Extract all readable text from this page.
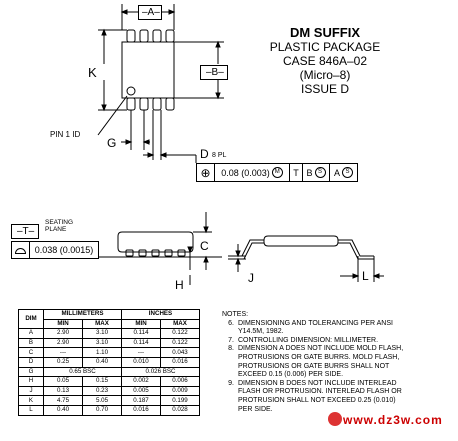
DM SUFFIX
PLASTIC PACKAGE
CASE 846A–02
(Micro–8)
ISSUE D
–A–
K	–B–
PIN 1 ID
G
D 8 PL
⊕	0.08 (0.003) M	T B S	A S
–T–
SEATING
PLANE
0.038 (0.0015)	C
H	J	L
DIM	MILLIMETERS		INCHES	
	MIN	MAX	MIN	MAX
A	2.90	3.10	0.114	0.122
B	2.90	3.10	0.114	0.122
C	---	1.10	---	0.043
D	0.25	0.40	0.010	0.016
G	0.65 BSC		0.026 BSC	
H	0.05	0.15	0.002	0.006
J	0.13	0.23	0.005	0.009
K	4.75	5.05	0.187	0.199
L	0.40	0.70	0.016	0.028
NOTES:
6. DIMENSIONING AND TOLERANCING PER ANSI
Y14.5M, 1982.
7. CONTROLLING DIMENSION: MILLIMETER.
8. DIMENSION A DOES NOT INCLUDE MOLD FLASH,
PROTRUSIONS OR GATE BURRS. MOLD FLASH,
PROTRUSIONS OR GATE BURRS SHALL NOT
EXCEED 0.15 (0.006) PER SIDE.
9. DIMENSION B DOES NOT INCLUDE INTERLEAD
FLASH OR PROTRUSION. INTERLEAD FLASH OR
PROTRUSION SHALL NOT EXCEED 0.25 (0.010)
PER SIDE.
www.dz3w.com
